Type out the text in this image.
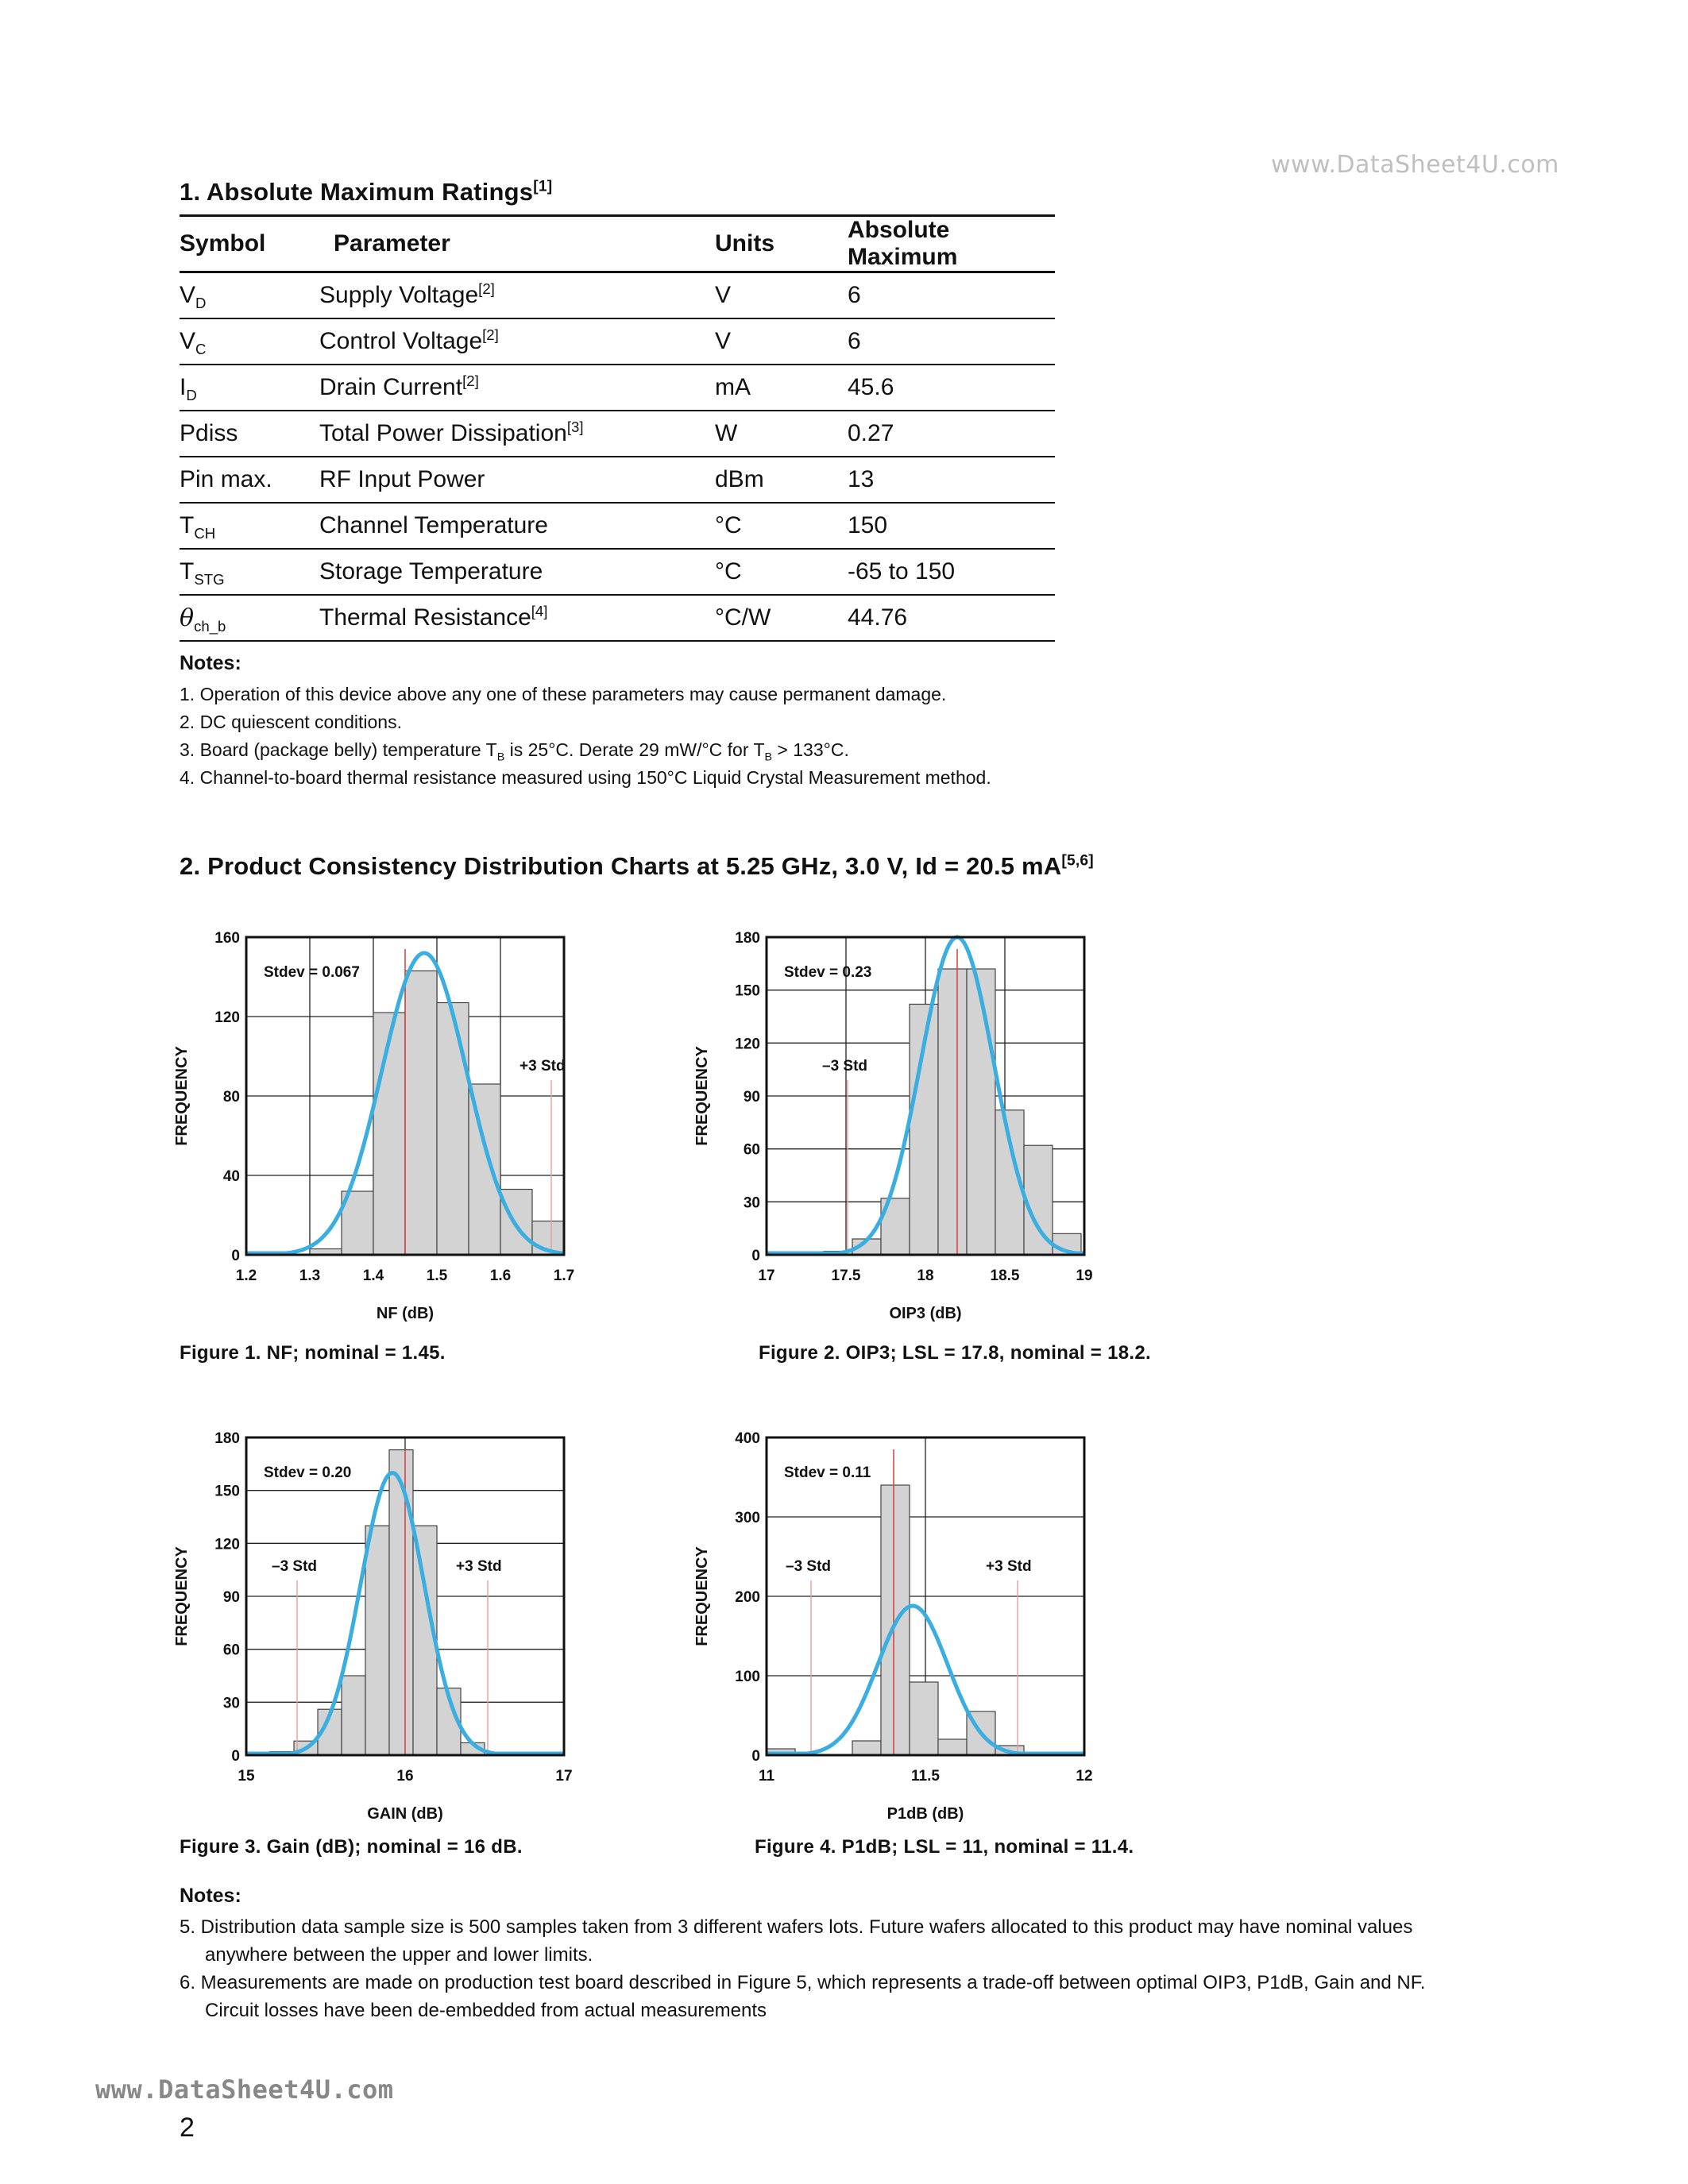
www.DataSheet4U.com
1. Absolute Maximum Ratings[1]
Symbol	Parameter	Units	Absolute Maximum
$V_D$	Supply Voltage[2]	V	6
$V_C$	Control Voltage[2]	V	6
$I_D$	Drain Current[2]	mA	45.6
Pdiss	Total Power Dissipation[3]	W	0.27
Pin max.	RF Input Power	dBm	13
$T_{CH}$	Channel Temperature	°C	150
$T_{STG}$	Storage Temperature	°C	-65 to 150
$\theta_{ch\_b}$	Thermal Resistance[4]	°C/W	44.76
Notes:
1. Operation of this device above any one of these parameters may cause permanent damage.
2. DC quiescent conditions.
3. Board (package belly) temperature $T_B$ is 25°C. Derate 29 mW/°C for $T_B > 133^\circ C$.
4. Channel-to-board thermal resistance measured using 150°C Liquid Crystal Measurement method.
2. Product Consistency Distribution Charts at 5.25 GHz, 3.0 V, Id = 20.5 mA[5,6]
+3 Std
Stdev = 0.067
1.2	1.3	1.4	1.5	1.6	1.7
0
40
80
120
160
NF (dB)
FREQUENCY	–3 Std
Stdev = 0.23
17	17.5	18	18.5	19
0
30
60
90
120
150
180
OIP3 (dB)
FREQUENCY
–3 Std	+3 Std
Stdev = 0.20
15	16	17
0
30
60
90
120
150
180
GAIN (dB)
FREQUENCY	–3 Std	+3 Std
Stdev = 0.11
11	11.5	12
0
100
200
300
400
P1dB (dB)
FREQUENCY
Figure 1. NF; nominal = 1.45.	Figure 2. OIP3; LSL = 17.8, nominal = 18.2.
Figure 3. Gain (dB); nominal = 16 dB.	Figure 4. P1dB; LSL = 11, nominal = 11.4.
Notes:
5. Distribution data sample size is 500 samples taken from 3 different wafers lots. Future wafers allocated to this product may have nominal values anywhere between the upper and lower limits.
6. Measurements are made on production test board described in Figure 5, which represents a trade-off between optimal OIP3, P1dB, Gain and NF. Circuit losses have been de-embedded from actual measurements
www.DataSheet4U.com
2
